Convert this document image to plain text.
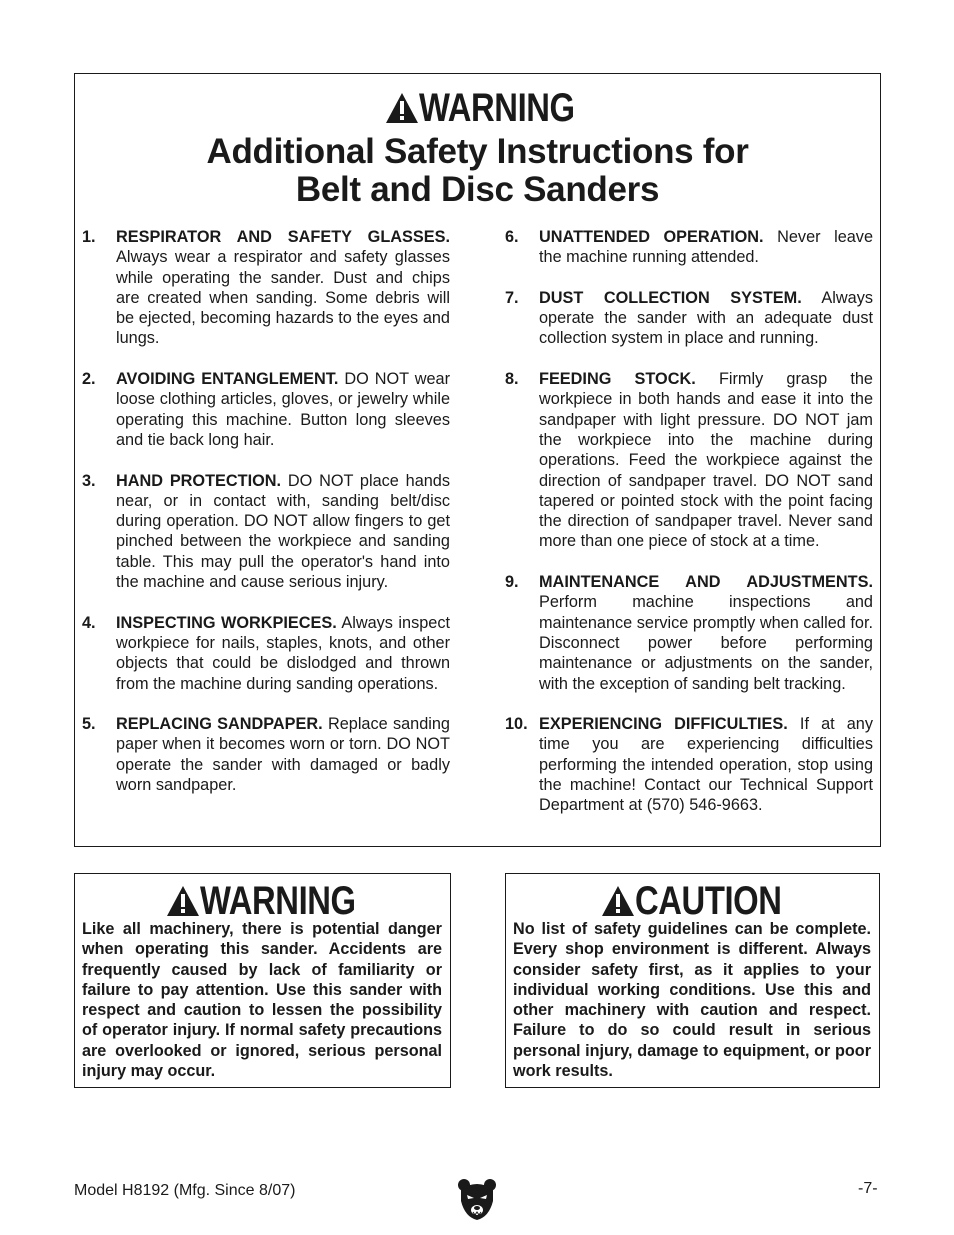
WARNING
Additional Safety Instructions for
Belt and Disc Sanders
1.	RESPIRATOR AND SAFETY GLASSES. Always wear a respirator and safety glasses while operating the sander. Dust and chips are created when sanding. Some debris will be ejected, becoming hazards to the eyes and lungs.
2.	AVOIDING ENTANGLEMENT. DO NOT wear loose clothing articles, gloves, or jewelry while operating this machine. Button long sleeves and tie back long hair.
3.	HAND PROTECTION. DO NOT place hands near, or in contact with, sanding belt/disc during operation. DO NOT allow fingers to get pinched between the workpiece and sanding table. This may pull the operator's hand into the machine and cause serious injury.
4.	INSPECTING WORKPIECES. Always inspect workpiece for nails, staples, knots, and other objects that could be dislodged and thrown from the machine during sanding operations.
5.	REPLACING SANDPAPER. Replace sanding paper when it becomes worn or torn. DO NOT operate the sander with damaged or badly worn sandpaper.
6.	UNATTENDED OPERATION. Never leave the machine running attended.
7.	DUST COLLECTION SYSTEM. Always operate the sander with an adequate dust collection system in place and running.
8.	FEEDING STOCK. Firmly grasp the workpiece in both hands and ease it into the sandpaper with light pressure. DO NOT jam the workpiece into the machine during operations. Feed the workpiece against the direction of sandpaper travel. DO NOT sand tapered or pointed stock with the point facing the direction of sandpaper travel. Never sand more than one piece of stock at a time.
9.	MAINTENANCE AND ADJUSTMENTS. Perform machine inspections and maintenance service promptly when called for. Disconnect power before performing maintenance or adjustments on the sander, with the exception of sanding belt tracking.
10. EXPERIENCING DIFFICULTIES. If at any time you are experiencing difficulties performing the intended operation, stop using the machine! Contact our Technical Support Department at (570) 546-9663.
WARNING
Like all machinery, there is potential danger when operating this sander. Accidents are frequently caused by lack of familiarity or failure to pay attention. Use this sander with respect and caution to lessen the possibility of operator injury. If normal safety precautions are overlooked or ignored, serious personal injury may occur.
CAUTION
No list of safety guidelines can be complete. Every shop environment is different. Always consider safety first, as it applies to your individual working conditions. Use this and other machinery with caution and respect. Failure to do so could result in serious personal injury, damage to equipment, or poor work results.
Model H8192 (Mfg. Since 8/07)	-7-
